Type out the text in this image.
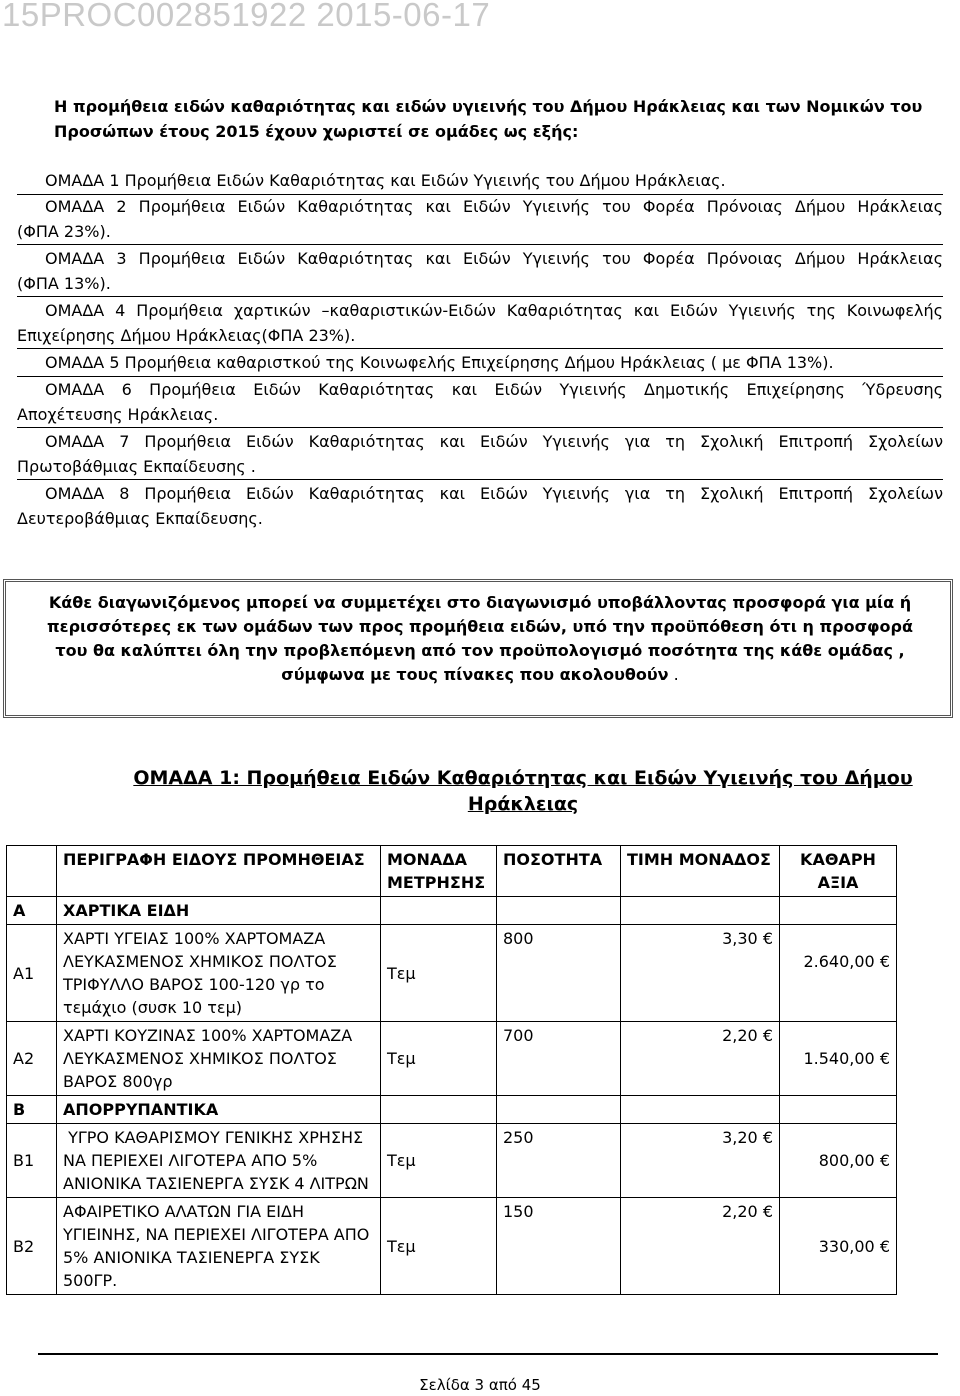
15PROC002851922 2015-06-17
Η προμήθεια ειδών καθαριότητας και ειδών υγιεινής του Δήμου Ηράκλειας και των Νομικών του Προσώπων έτους 2015 έχουν χωριστεί σε ομάδες ως εξής:
ΟΜΑΔΑ 1 Προμήθεια Ειδών Καθαριότητας και Ειδών Υγιεινής του Δήμου Ηράκλειας.
ΟΜΑΔΑ 2 Προμήθεια Ειδών Καθαριότητας και Ειδών Υγιεινής του Φορέα Πρόνοιας Δήμου Ηράκλειας
(ΦΠΑ 23%).
ΟΜΑΔΑ 3 Προμήθεια Ειδών Καθαριότητας και Ειδών Υγιεινής του Φορέα Πρόνοιας Δήμου Ηράκλειας
(ΦΠΑ 13%).
ΟΜΑΔΑ 4 Προμήθεια χαρτικών –καθαριστικών-Ειδών Καθαριότητας και Ειδών Υγιεινής της Κοινωφελής
Επιχείρησης Δήμου Ηράκλειας(ΦΠΑ 23%).
ΟΜΑΔΑ 5 Προμήθεια καθαριστκού της Κοινωφελής Επιχείρησης Δήμου Ηράκλειας ( με ΦΠΑ 13%).
ΟΜΑΔΑ 6 Προμήθεια Ειδών Καθαριότητας και Ειδών Υγιεινής Δημοτικής Επιχείρησης Ύδρευσης
Αποχέτευσης Ηράκλειας.
ΟΜΑΔΑ 7 Προμήθεια Ειδών Καθαριότητας και Ειδών Υγιεινής για τη Σχολική Επιτροπή Σχολείων
Πρωτοβάθμιας Εκπαίδευσης .
ΟΜΑΔΑ 8 Προμήθεια Ειδών Καθαριότητας και Ειδών Υγιεινής για τη Σχολική Επιτροπή Σχολείων
Δευτεροβάθμιας Εκπαίδευσης.
Κάθε διαγωνιζόμενος μπορεί να συμμετέχει στο διαγωνισμό υποβάλλοντας προσφορά για μία ή
περισσότερες εκ των ομάδων των προς προμήθεια ειδών, υπό την προϋπόθεση ότι η προσφορά
του θα καλύπτει όλη την προβλεπόμενη από τον προϋπολογισμό ποσότητα της κάθε ομάδας ,
σύμφωνα με τους πίνακες που ακολουθούν .
ΟΜΑΔΑ 1: Προμήθεια Ειδών Καθαριότητας και Ειδών Υγιεινής του Δήμου
Ηράκλειας
	ΠΕΡΙΓΡΑΦΗ ΕΙΔΟΥΣ ΠΡΟΜΗΘΕΙΑΣ	ΜΟΝΑΔΑ ΜΕΤΡΗΣΗΣ	ΠΟΣΟΤΗΤΑ	ΤΙΜΗ ΜΟΝΑΔΟΣ	ΚΑΘΑΡΗ ΑΞΙΑ
Α	ΧΑΡΤΙΚΑ ΕΙΔΗ				
Α1	ΧΑΡΤΙ ΥΓΕΙΑΣ 100% ΧΑΡΤΟΜΑΖΑ ΛΕΥΚΑΣΜΕΝΟΣ ΧΗΜΙΚΟΣ ΠΟΛΤΟΣ ΤΡΙΦΥΛΛΟ ΒΑΡΟΣ 100-120 γρ το τεμάχιο (συσκ 10 τεμ)	Τεμ	800	3,30 €	2.640,00 €
Α2	ΧΑΡΤΙ ΚΟΥΖΙΝΑΣ 100% ΧΑΡΤΟΜΑΖΑ ΛΕΥΚΑΣΜΕΝΟΣ ΧΗΜΙΚΟΣ ΠΟΛΤΟΣ ΒΑΡΟΣ 800γρ	Τεμ	700	2,20 €	1.540,00 €
Β	ΑΠΟΡΡΥΠΑΝΤΙΚΑ				
Β1	ΥΓΡΟ ΚΑΘΑΡΙΣΜΟΥ ΓΕΝΙΚΗΣ ΧΡΗΣΗΣ ΝΑ ΠΕΡΙΕΧΕΙ ΛΙΓΟΤΕΡΑ ΑΠΟ 5% ΑΝΙΟΝΙΚΑ ΤΑΣΙΕΝΕΡΓΑ ΣΥΣΚ 4 ΛΙΤΡΩΝ	Τεμ	250	3,20 €	800,00 €
Β2	ΑΦΑΙΡΕΤΙΚΟ ΑΛΑΤΩΝ ΓΙΑ ΕΙΔΗ ΥΓΙΕΙΝΗΣ, ΝΑ ΠΕΡΙΕΧΕΙ ΛΙΓΟΤΕΡΑ ΑΠΟ 5% ΑΝΙΟΝΙΚΑ ΤΑΣΙΕΝΕΡΓΑ ΣΥΣΚ 500ΓΡ.	Τεμ	150	2,20 €	330,00 €
Σελίδα 3 από 45
